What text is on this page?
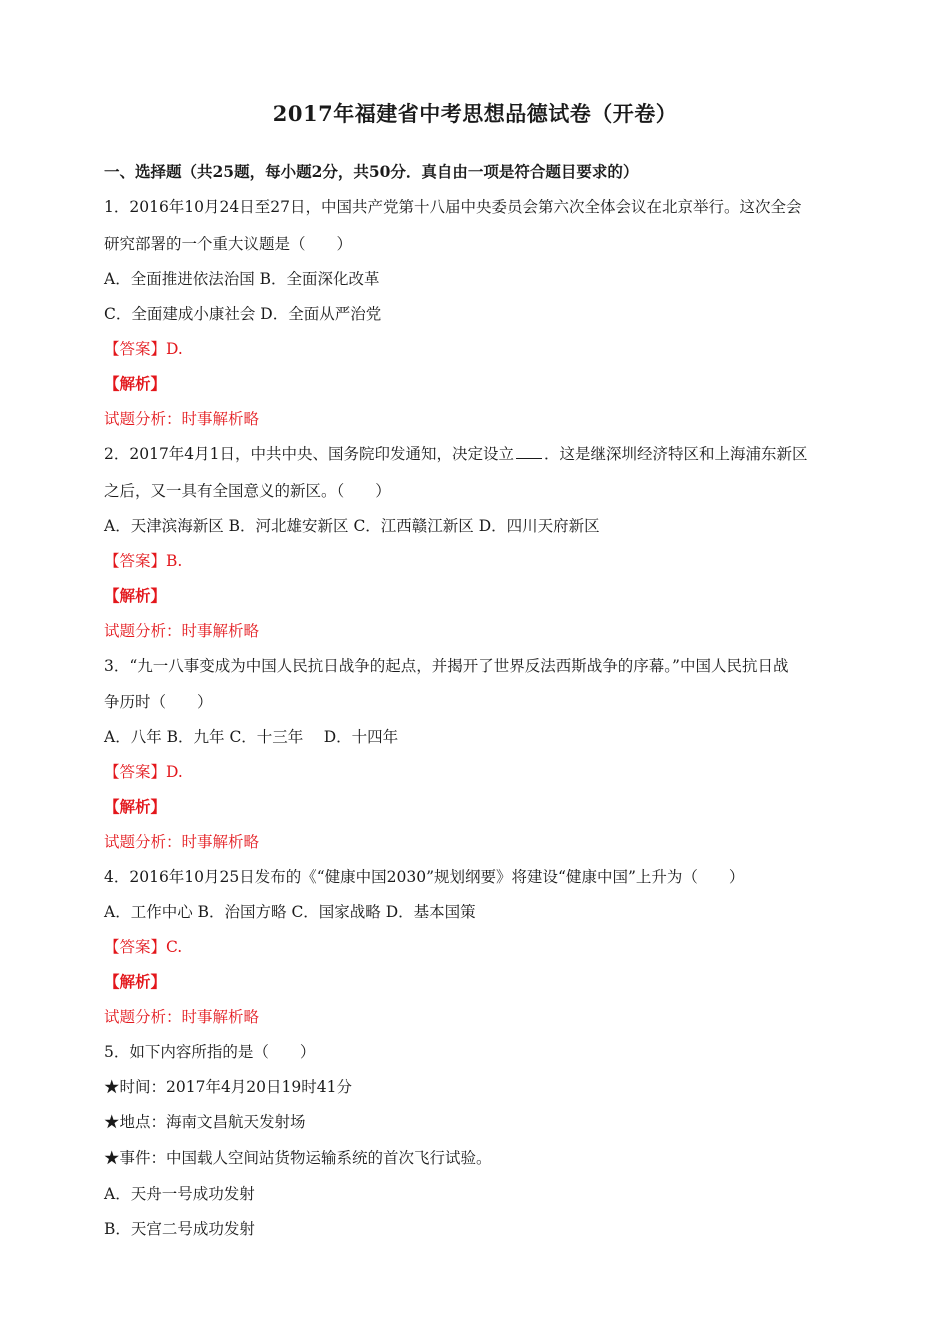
2017年福建省中考思想品德试卷（开卷）
一、选择题（共25题，每小题2分，共50分．真自由一项是符合题目要求的）
1．2016年10月24日至27日，中国共产党第十八届中央委员会第六次全体会议在北京举行。这次全会
研究部署的一个重大议题是（　　）
A．全面推进依法治国 B．全面深化改革
C．全面建成小康社会 D．全面从严治党
【答案】D.
【解析】
试题分析：时事解析略
2．2017年4月1日，中共中央、国务院印发通知，决定设立 ．这是继深圳经济特区和上海浦东新区
之后，又一具有全国意义的新区。（　　）
A．天津滨海新区 B．河北雄安新区 C．江西赣江新区 D．四川天府新区
【答案】B.
【解析】
试题分析：时事解析略
3．“九一八事变成为中国人民抗日战争的起点，并揭开了世界反法西斯战争的序幕。”中国人民抗日战
争历时（　　）
A．八年 B．九年 C．十三年　 D．十四年
【答案】D.
【解析】
试题分析：时事解析略
4．2016年10月25日发布的《“健康中国2030”规划纲要》将建设“健康中国”上升为（　　）
A．工作中心 B．治国方略 C．国家战略 D．基本国策
【答案】C.
【解析】
试题分析：时事解析略
5．如下内容所指的是（　　）
★时间：2017年4月20日19时41分
★地点：海南文昌航天发射场
★事件：中国载人空间站货物运输系统的首次飞行试验。
A．天舟一号成功发射
B．天宫二号成功发射
